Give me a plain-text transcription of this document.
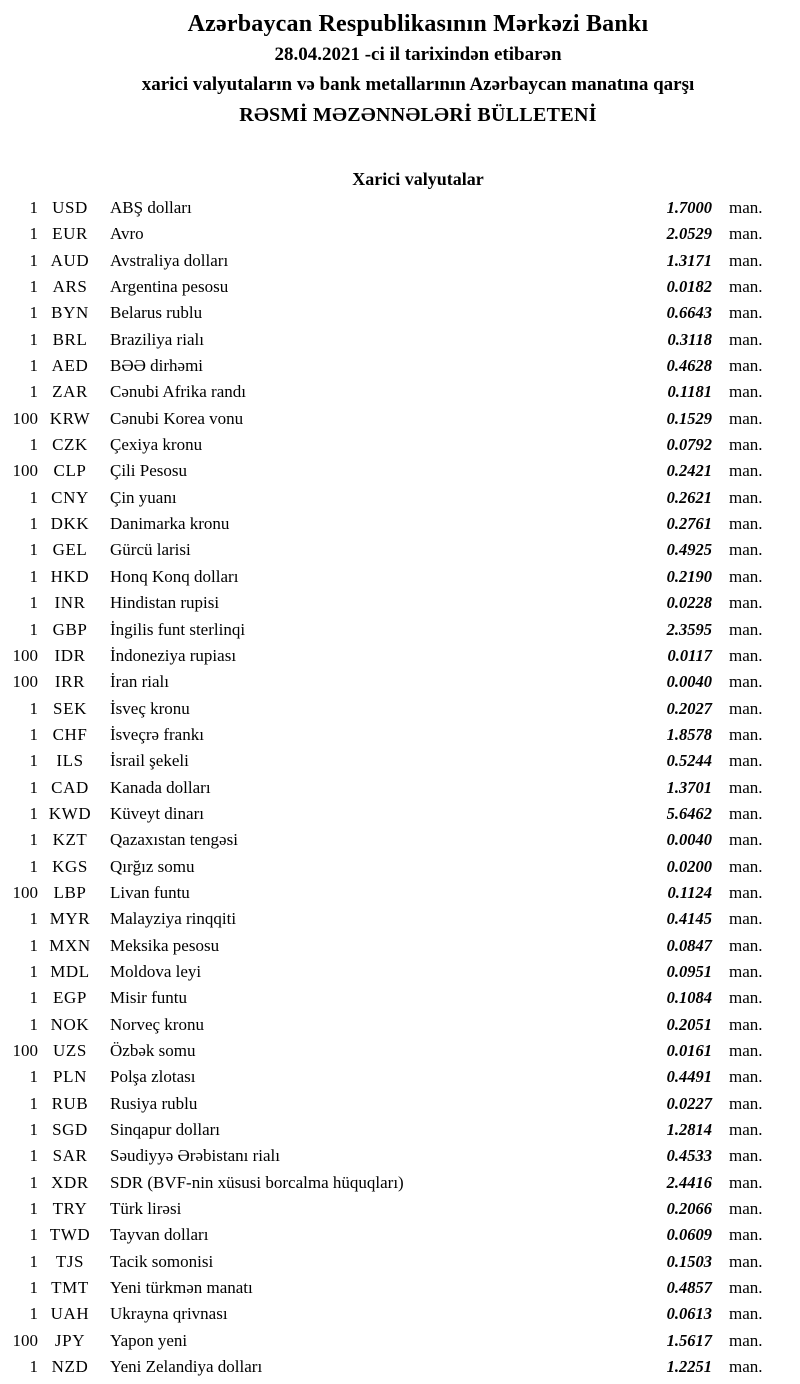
Azərbaycan Respublikasının Mərkəzi Bankı
28.04.2021 -ci il tarixindən etibarən
xarici valyutaların və bank metallarının Azərbaycan manatına qarşı
RƏSMİ MƏZƏNNƏLƏRİ BÜLLETENİ
Xarici valyutalar
1 USD	ABŞ dolları	1.7000	man.
1 EUR	Avro	2.0529	man.
1 AUD	Avstraliya dolları	1.3171	man.
1 ARS	Argentina pesosu	0.0182	man.
1 BYN	Belarus rublu	0.6643	man.
1 BRL	Braziliya rialı	0.3118	man.
1 AED	BƏƏ dirhəmi	0.4628	man.
1 ZAR	Cənubi Afrika randı	0.1181	man.
100 KRW	Cənubi Korea vonu	0.1529	man.
1 CZK	Çexiya kronu	0.0792	man.
100 CLP	Çili Pesosu	0.2421	man.
1 CNY	Çin yuanı	0.2621	man.
1 DKK	Danimarka kronu	0.2761	man.
1 GEL	Gürcü larisi	0.4925	man.
1 HKD	Honq Konq dolları	0.2190	man.
1 INR	Hindistan rupisi	0.0228	man.
1 GBP	İngilis funt sterlinqi	2.3595	man.
100 IDR	İndoneziya rupiası	0.0117	man.
100 IRR	İran rialı	0.0040	man.
1 SEK	İsveç kronu	0.2027	man.
1 CHF	İsveçrə frankı	1.8578	man.
1	ILS	İsrail şekeli	0.5244	man.
1 CAD	Kanada dolları	1.3701	man.
1 KWD	Küveyt dinarı	5.6462	man.
1 KZT	Qazaxıstan tengəsi	0.0040	man.
1 KGS	Qırğız somu	0.0200	man.
100 LBP	Livan funtu	0.1124	man.
1 MYR	Malayziya rinqqiti	0.4145	man.
1 MXN	Meksika pesosu	0.0847	man.
1 MDL	Moldova leyi	0.0951	man.
1 EGP	Misir funtu	0.1084	man.
1 NOK	Norveç kronu	0.2051	man.
100 UZS	Özbək somu	0.0161	man.
1 PLN	Polşa zlotası	0.4491	man.
1 RUB	Rusiya rublu	0.0227	man.
1 SGD	Sinqapur dolları	1.2814	man.
1 SAR	Səudiyyə Ərəbistanı rialı	0.4533	man.
1 XDR	SDR (BVF-nin xüsusi borcalma hüquqları)	2.4416	man.
1 TRY	Türk lirəsi	0.2066	man.
1 TWD	Tayvan dolları	0.0609	man.
1	TJS	Tacik somonisi	0.1503	man.
1 TMT	Yeni türkmən manatı	0.4857	man.
1 UAH	Ukrayna qrivnası	0.0613	man.
100 JPY	Yapon yeni	1.5617	man.
1 NZD	Yeni Zelandiya dolları	1.2251	man.
